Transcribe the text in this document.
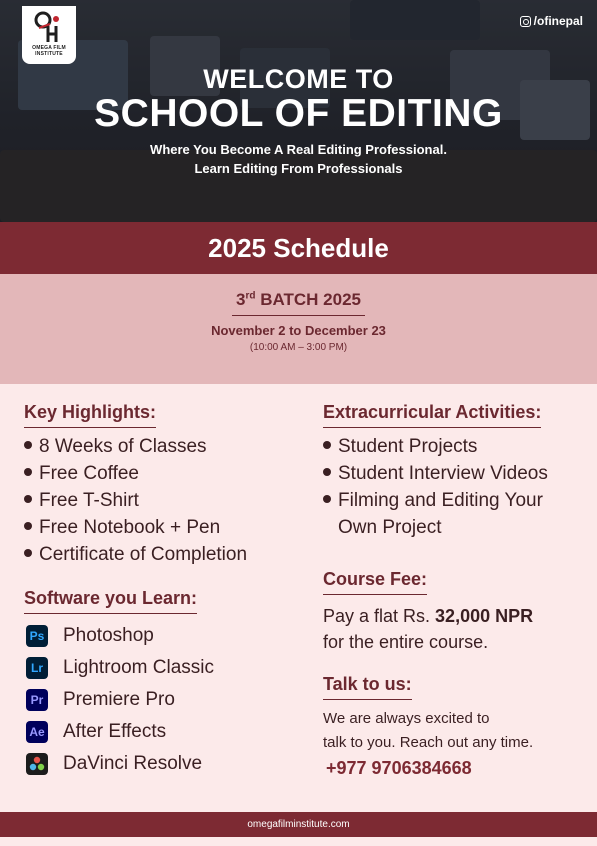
OMEGA FILM
INSTITUTE
/ofinepal
WELCOME TO
SCHOOL OF EDITING
Where You Become A Real Editing Professional.
Learn Editing From Professionals
2025 Schedule
3rd BATCH 2025
November 2 to December 23
(10:00 AM – 3:00 PM)
Key Highlights:
8 Weeks of Classes
Free Coffee
Free T-Shirt
Free Notebook + Pen
Certificate of Completion
Software you Learn:
Ps Photoshop
Lr Lightroom Classic
Pr Premiere Pro
Ae After Effects
DaVinci Resolve
Extracurricular Activities:
Student Projects
Student Interview Videos
Filming and Editing Your
Own Project
Course Fee:
Pay a flat Rs. 32,000 NPR
for the entire course.
Talk to us:
We are always excited to
talk to you. Reach out any time.
+977 9706384668
omegafilminstitute.com
